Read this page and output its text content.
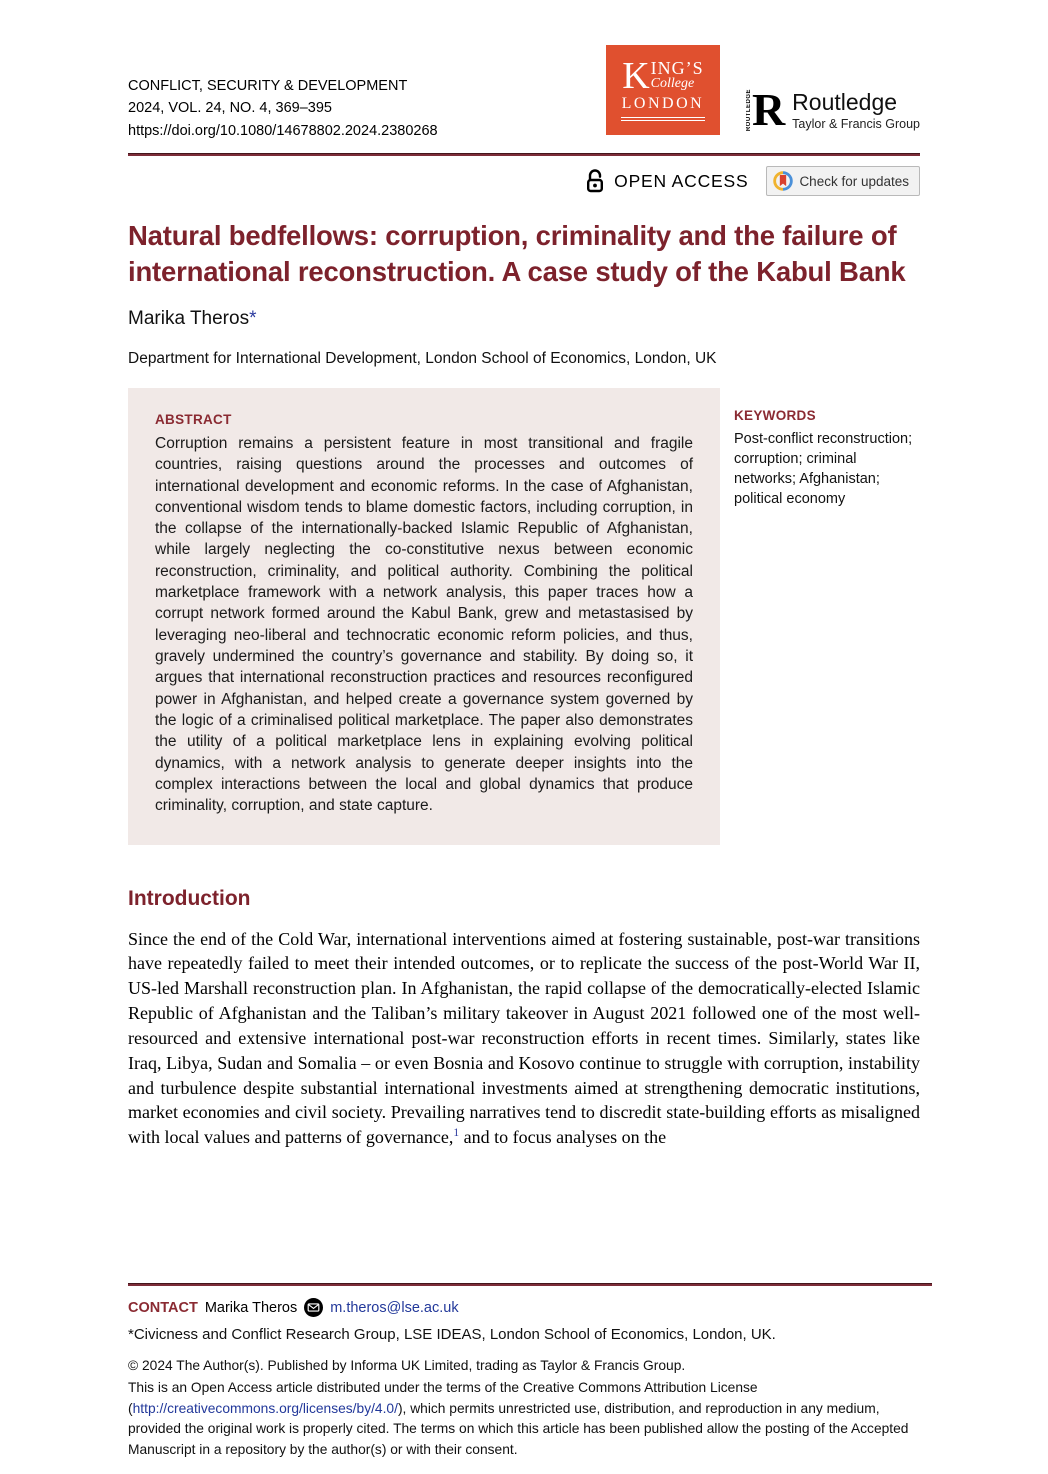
CONFLICT, SECURITY & DEVELOPMENT
2024, VOL. 24, NO. 4, 369–395
https://doi.org/10.1080/14678802.2024.2380268
K ING’S
College
LONDON	ROUTLEDGE R Routledge
Taylor & Francis Group
OPEN ACCESS	Check for updates
Natural bedfellows: corruption, criminality and the failure of international reconstruction. A case study of the Kabul Bank
Marika Theros*
Department for International Development, London School of Economics, London, UK
ABSTRACT
Corruption remains a persistent feature in most transitional and fragile countries, raising questions around the processes and outcomes of international development and economic reforms. In the case of Afghanistan, conventional wisdom tends to blame domestic factors, including corruption, in the collapse of the internationally-backed Islamic Republic of Afghanistan, while largely neglecting the co-constitutive nexus between economic reconstruction, criminality, and political authority. Combining the political marketplace framework with a network analysis, this paper traces how a corrupt network formed around the Kabul Bank, grew and metastasised by leveraging neo-liberal and technocratic economic reform policies, and thus, gravely undermined the country’s governance and stability. By doing so, it argues that international reconstruction practices and resources reconfigured power in Afghanistan, and helped create a governance system governed by the logic of a criminalised political marketplace. The paper also demonstrates the utility of a political marketplace lens in explaining evolving political dynamics, with a network analysis to generate deeper insights into the complex interactions between the local and global dynamics that produce criminality, corruption, and state capture.
KEYWORDS
Post-conflict reconstruction; corruption; criminal networks; Afghanistan; political economy
Introduction

Since the end of the Cold War, international interventions aimed at fostering sustainable, post-war transitions have repeatedly failed to meet their intended outcomes, or to replicate the success of the post-World War II, US-led Marshall reconstruction plan. In Afghanistan, the rapid collapse of the democratically-elected Islamic Republic of Afghanistan and the Taliban’s military takeover in August 2021 followed one of the most well-resourced and extensive international post-war reconstruction efforts in recent times. Similarly, states like Iraq, Libya, Sudan and Somalia – or even Bosnia and Kosovo continue to struggle with corruption, instability and turbulence despite substantial international investments aimed at strengthening democratic institutions, market economies and civil society. Prevailing narratives tend to discredit state-building efforts as misaligned with local values and patterns of governance,$^1$ and to focus analyses on the

CONTACT Marika Theros m.theros@lse.ac.uk
*Civicness and Conflict Research Group, LSE IDEAS, London School of Economics, London, UK.

© 2024 The Author(s). Published by Informa UK Limited, trading as Taylor & Francis Group.

This is an Open Access article distributed under the terms of the Creative Commons Attribution License (http://creativecommons.org/licenses/by/4.0/), which permits unrestricted use, distribution, and reproduction in any medium, provided the original work is properly cited. The terms on which this article has been published allow the posting of the Accepted Manuscript in a repository by the author(s) or with their consent.
